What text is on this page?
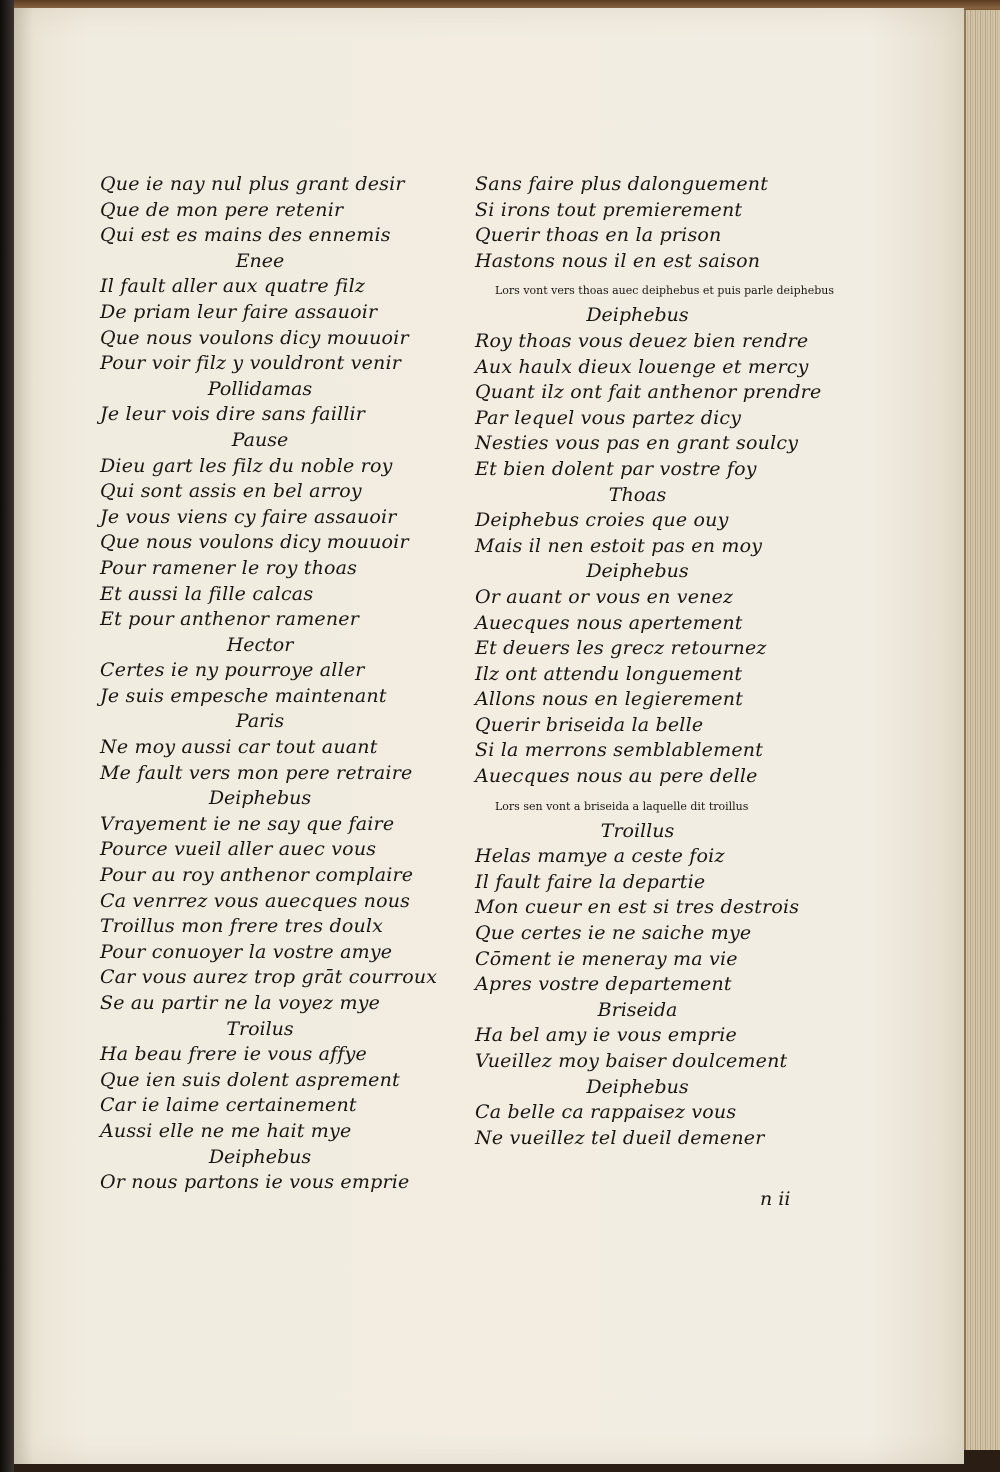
Que ie nay nul plus grant desir
Que de mon pere retenir
Qui est es mains des ennemis
Enee
Il fault aller aux quatre filz
De priam leur faire assauoir
Que nous voulons dicy mouuoir
Pour voir filz y vouldront venir
Pollidamas
Je leur vois dire sans faillir
Pause
Dieu gart les filz du noble roy
Qui sont assis en bel arroy
Je vous viens cy faire assauoir
Que nous voulons dicy mouuoir
Pour ramener le roy thoas
Et aussi la fille calcas
Et pour anthenor ramener
Hector
Certes ie ny pourroye aller
Je suis empesche maintenant
Paris
Ne moy aussi car tout auant
Me fault vers mon pere retraire
Deiphebus
Vrayement ie ne say que faire
Pource vueil aller auec vous
Pour au roy anthenor complaire
Ca venrrez vous auecques nous
Troillus mon frere tres doulx
Pour conuoyer la vostre amye
Car vous aurez trop grāt courroux
Se au partir ne la voyez mye
Troilus
Ha beau frere ie vous affye
Que ien suis dolent asprement
Car ie laime certainement
Aussi elle ne me hait mye
Deiphebus
Or nous partons ie vous emprie
Sans faire plus dalonguement
Si irons tout premierement
Querir thoas en la prison
Hastons nous il en est saison
Lors vont vers thoas auec deiphebus et puis parle deiphebus
Deiphebus
Roy thoas vous deuez bien rendre
Aux haulx dieux louenge et mercy
Quant ilz ont fait anthenor prendre
Par lequel vous partez dicy
Nesties vous pas en grant soulcy
Et bien dolent par vostre foy
Thoas
Deiphebus croies que ouy
Mais il nen estoit pas en moy
Deiphebus
Or auant or vous en venez
Auecques nous apertement
Et deuers les grecz retournez
Ilz ont attendu longuement
Allons nous en legierement
Querir briseida la belle
Si la merrons semblablement
Auecques nous au pere delle
Lors sen vont a briseida a laquelle dit troillus
Troillus
Helas mamye a ceste foiz
Il fault faire la departie
Mon cueur en est si tres destrois
Que certes ie ne saiche mye
Cōment ie meneray ma vie
Apres vostre departement
Briseida
Ha bel amy ie vous emprie
Vueillez moy baiser doulcement
Deiphebus
Ca belle ca rappaisez vous
Ne vueillez tel dueil demener
n ii
